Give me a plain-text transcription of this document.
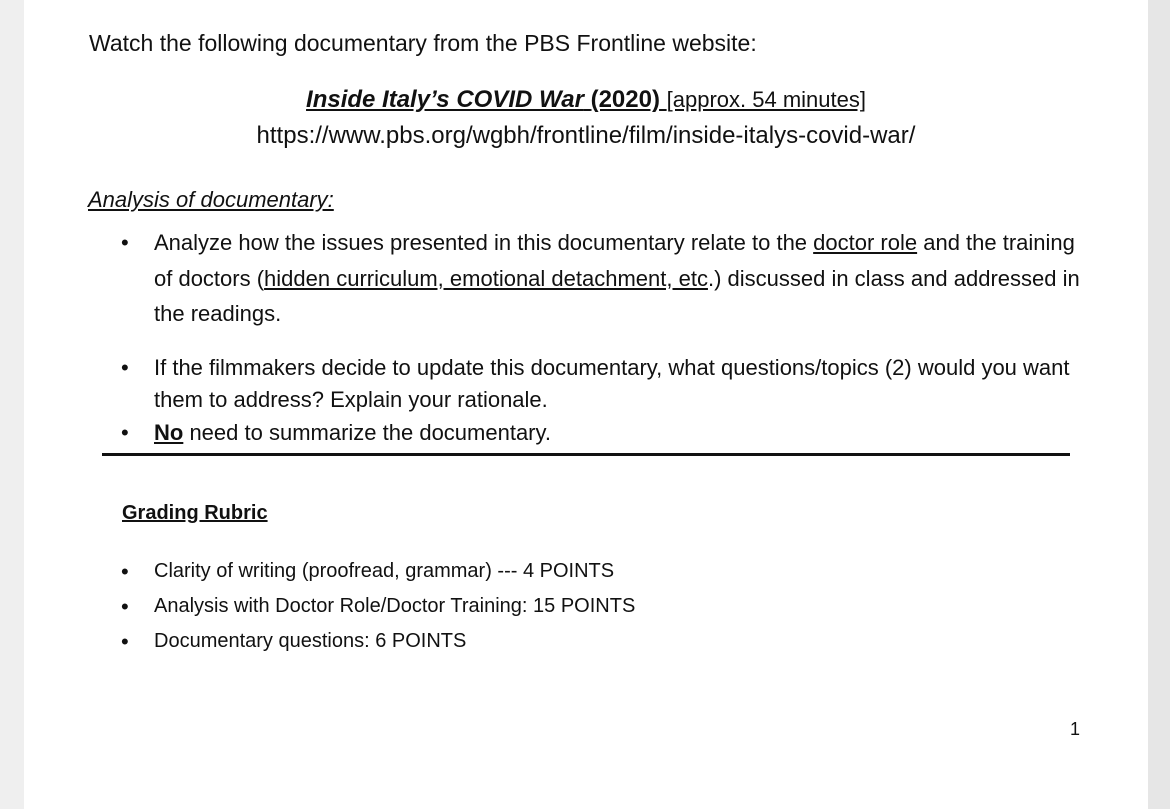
Watch the following documentary from the PBS Frontline website:

Inside Italy’s COVID War (2020) [approx. 54 minutes]

https://www.pbs.org/wgbh/frontline/film/inside-italys-covid-war/

Analysis of documentary:

• Analyze how the issues presented in this documentary relate to the doctor role and the training of doctors (hidden curriculum, emotional detachment, etc.) discussed in class and addressed in the readings.
• If the filmmakers decide to update this documentary, what questions/topics (2) would you want them to address? Explain your rationale.
• No need to summarize the documentary.

Grading Rubric

• Clarity of writing (proofread, grammar) --- 4 POINTS
• Analysis with Doctor Role/Doctor Training: 15 POINTS
• Documentary questions: 6 POINTS

1
